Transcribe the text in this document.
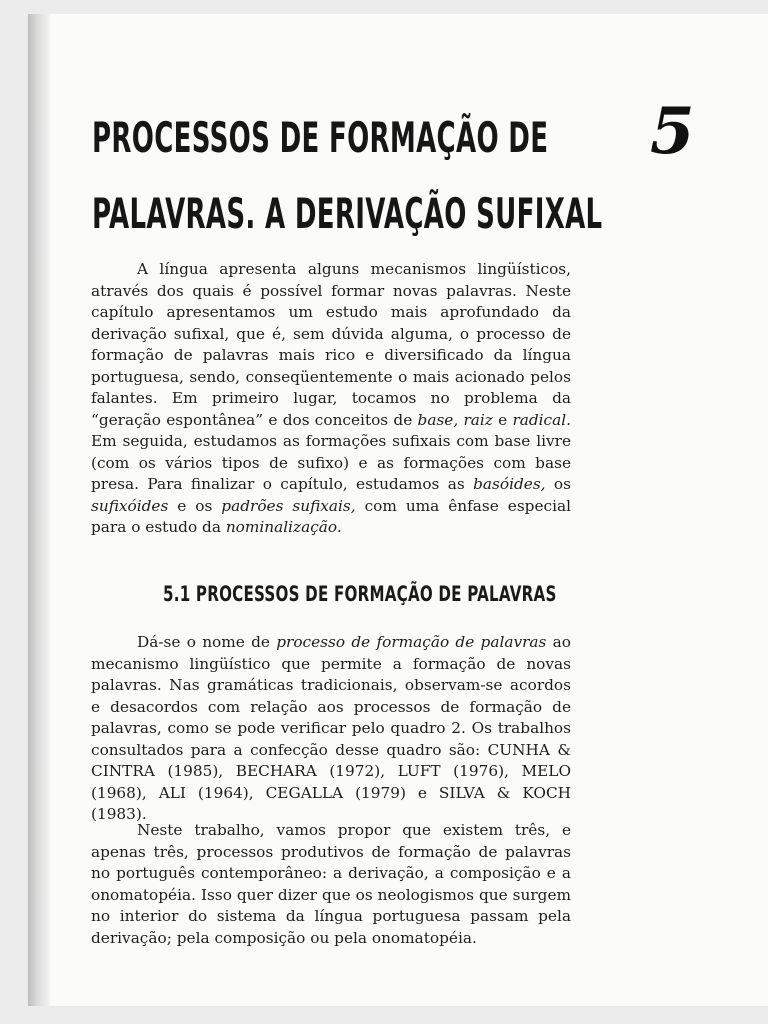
PROCESSOS DE FORMAÇÃO DE
PALAVRAS. A DERIVAÇÃO SUFIXAL
5

A língua apresenta alguns mecanismos lingüísticos, através dos quais é possível formar novas palavras. Neste capítulo apresentamos um estudo mais aprofundado da derivação sufixal, que é, sem dúvida alguma, o processo de formação de palavras mais rico e diversificado da língua portuguesa, sendo, conseqüentemente o mais acionado pelos falantes. Em primeiro lugar, tocamos no problema da “geração espontânea” e dos conceitos de base, raiz e radical. Em seguida, estudamos as formações sufixais com base livre (com os vários tipos de sufixo) e as formações com base presa. Para finalizar o capítulo, estudamos as basóides, os sufixóides e os padrões sufixais, com uma ênfase especial para o estudo da nominalização.

5.1 PROCESSOS DE FORMAÇÃO DE PALAVRAS

Dá-se o nome de processo de formação de palavras ao mecanismo lingüístico que permite a formação de novas palavras. Nas gramáticas tradicionais, observam-se acordos e desacordos com relação aos processos de formação de palavras, como se pode verificar pelo quadro 2. Os trabalhos consultados para a confecção desse quadro são: CUNHA & CINTRA (1985), BECHARA (1972), LUFT (1976), MELO (1968), ALI (1964), CEGALLA (1979) e SILVA & KOCH (1983).

Neste trabalho, vamos propor que existem três, e apenas três, processos produtivos de formação de palavras no português contemporâneo: a derivação, a composição e a onomatopéia. Isso quer dizer que os neologismos que surgem no interior do sistema da língua portuguesa passam pela derivação; pela composição ou pela onomatopéia.
